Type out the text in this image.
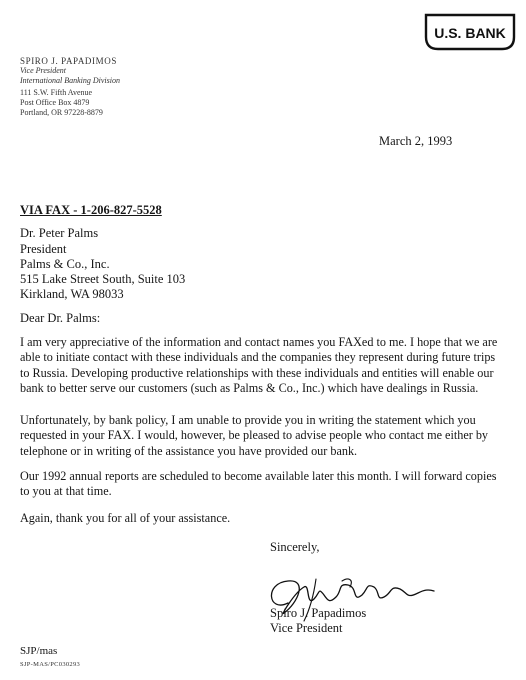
U.S. BANK
SPIRO J. PAPADIMOS
Vice President
International Banking Division
111 S.W. Fifth Avenue
Post Office Box 4879
Portland, OR 97228-8879
March 2, 1993
VIA FAX - 1-206-827-5528
Dr. Peter Palms
President
Palms & Co., Inc.
515 Lake Street South, Suite 103
Kirkland, WA 98033
Dear Dr. Palms:

I am very appreciative of the information and contact names you FAXed to me. I hope that we are able to initiate contact with these individuals and the companies they represent during future trips to Russia. Developing productive relationships with these individuals and entities will enable our bank to better serve our customers (such as Palms & Co., Inc.) which have dealings in Russia.

Unfortunately, by bank policy, I am unable to provide you in writing the statement which you requested in your FAX. I would, however, be pleased to advise people who contact me either by telephone or in writing of the assistance you have provided our bank.

Our 1992 annual reports are scheduled to become available later this month. I will forward copies to you at that time.

Again, thank you for all of your assistance.

Sincerely,
Spiro J. Papadimos
Vice President
SJP/mas
SJP-MAS/PC030293
